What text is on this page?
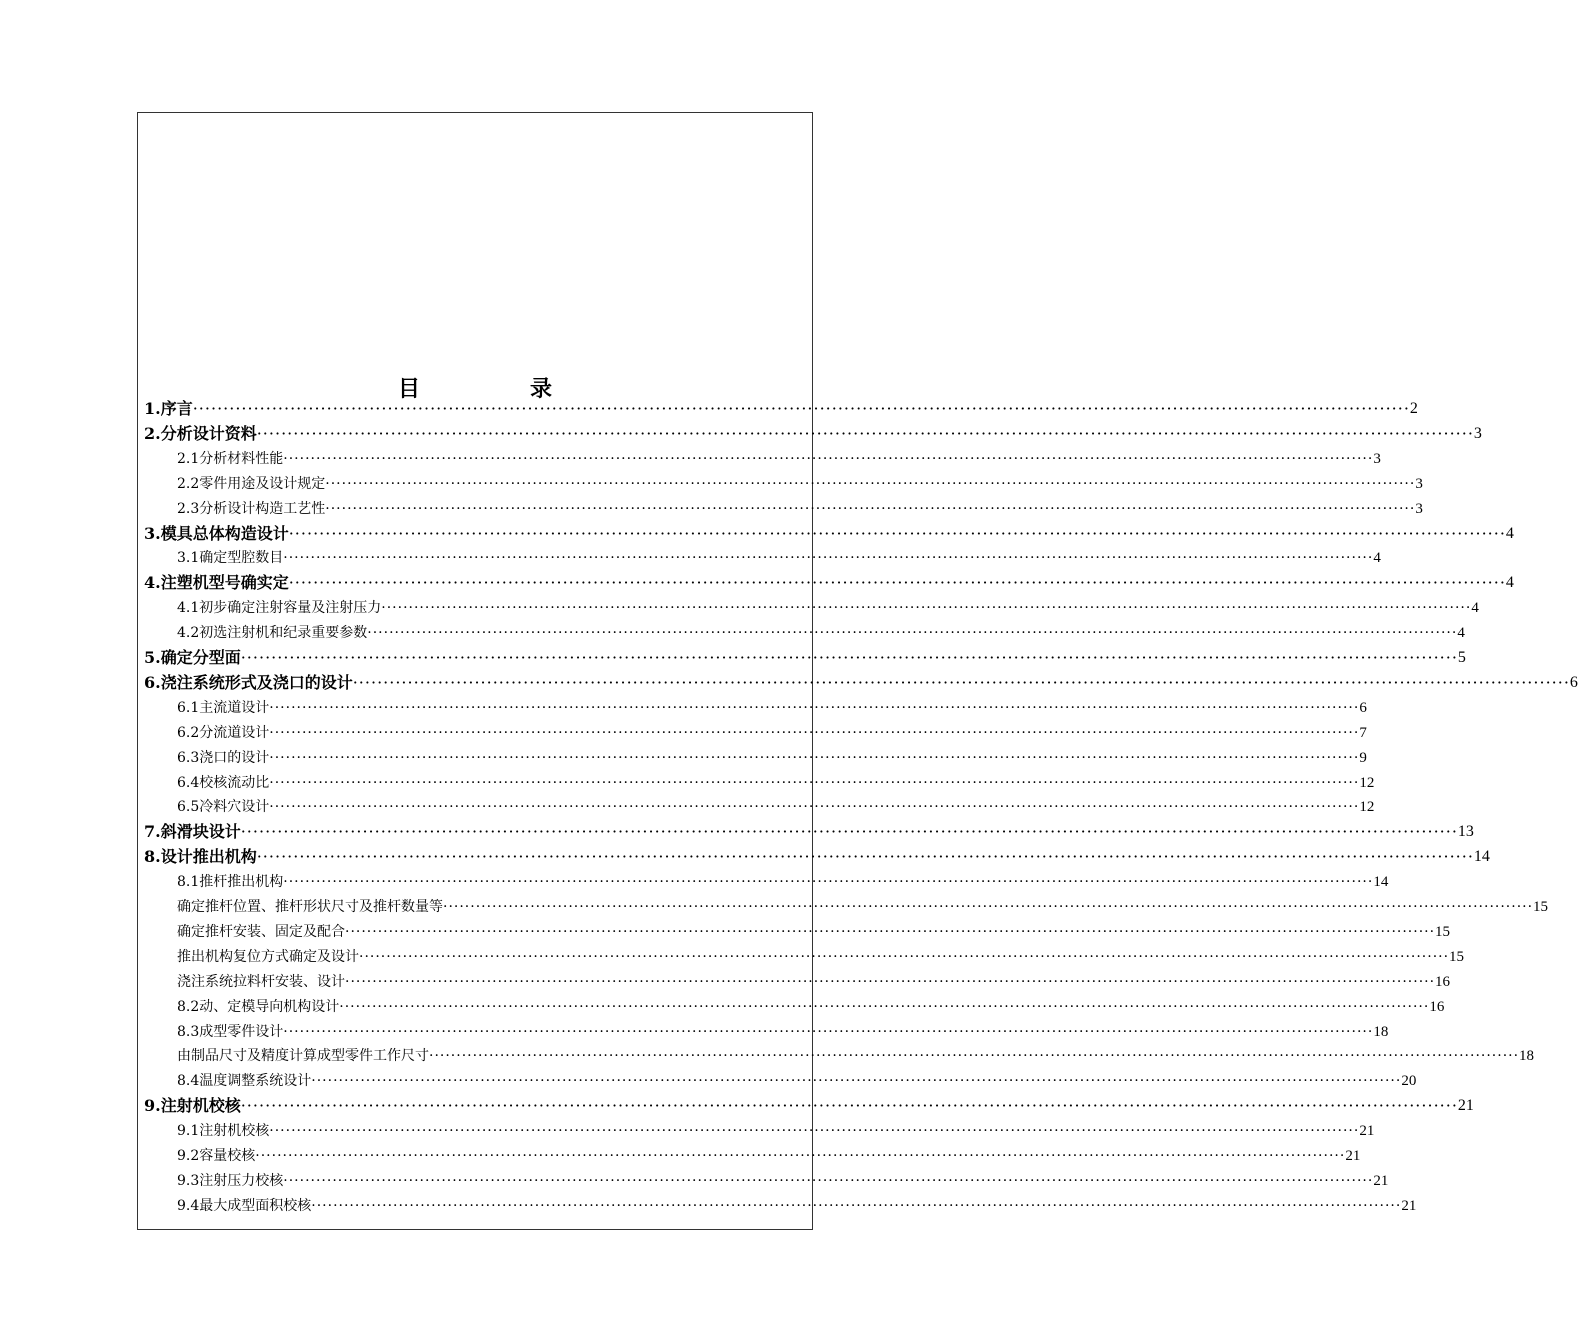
目　录
1.序言 ········································································································································································································ 2
2.分析设计资料 ········································································································································································································ 3
2.1分析材料性能 ········································································································································································································ 3
2.2零件用途及设计规定 ········································································································································································································ 3
2.3分析设计构造工艺性 ········································································································································································································ 3
3.模具总体构造设计 ········································································································································································································ 4
3.1确定型腔数目 ········································································································································································································ 4
4.注塑机型号确实定 ········································································································································································································ 4
4.1初步确定注射容量及注射压力 ········································································································································································································ 4
4.2初选注射机和纪录重要参数 ········································································································································································································ 4
5.确定分型面 ········································································································································································································ 5
6.浇注系统形式及浇口的设计 ········································································································································································································ 6
6.1主流道设计 ········································································································································································································ 6
6.2分流道设计 ········································································································································································································ 7
6.3浇口的设计 ········································································································································································································ 9
6.4校核流动比 ········································································································································································································ 12
6.5冷料穴设计 ········································································································································································································ 12
7.斜滑块设计 ········································································································································································································ 13
8.设计推出机构 ········································································································································································································ 14
8.1推杆推出机构 ········································································································································································································ 14
确定推杆位置、推杆形状尺寸及推杆数量等 ········································································································································································································ 15
确定推杆安装、固定及配合 ········································································································································································································ 15
推出机构复位方式确定及设计 ········································································································································································································ 15
浇注系统拉料杆安装、设计 ········································································································································································································ 16
8.2动、定模导向机构设计 ········································································································································································································ 16
8.3成型零件设计 ········································································································································································································ 18
由制品尺寸及精度计算成型零件工作尺寸 ········································································································································································································ 18
8.4温度调整系统设计 ········································································································································································································ 20
9.注射机校核 ········································································································································································································ 21
9.1注射机校核 ········································································································································································································ 21
9.2容量校核 ········································································································································································································ 21
9.3注射压力校核 ········································································································································································································ 21
9.4最大成型面积校核 ········································································································································································································ 21
